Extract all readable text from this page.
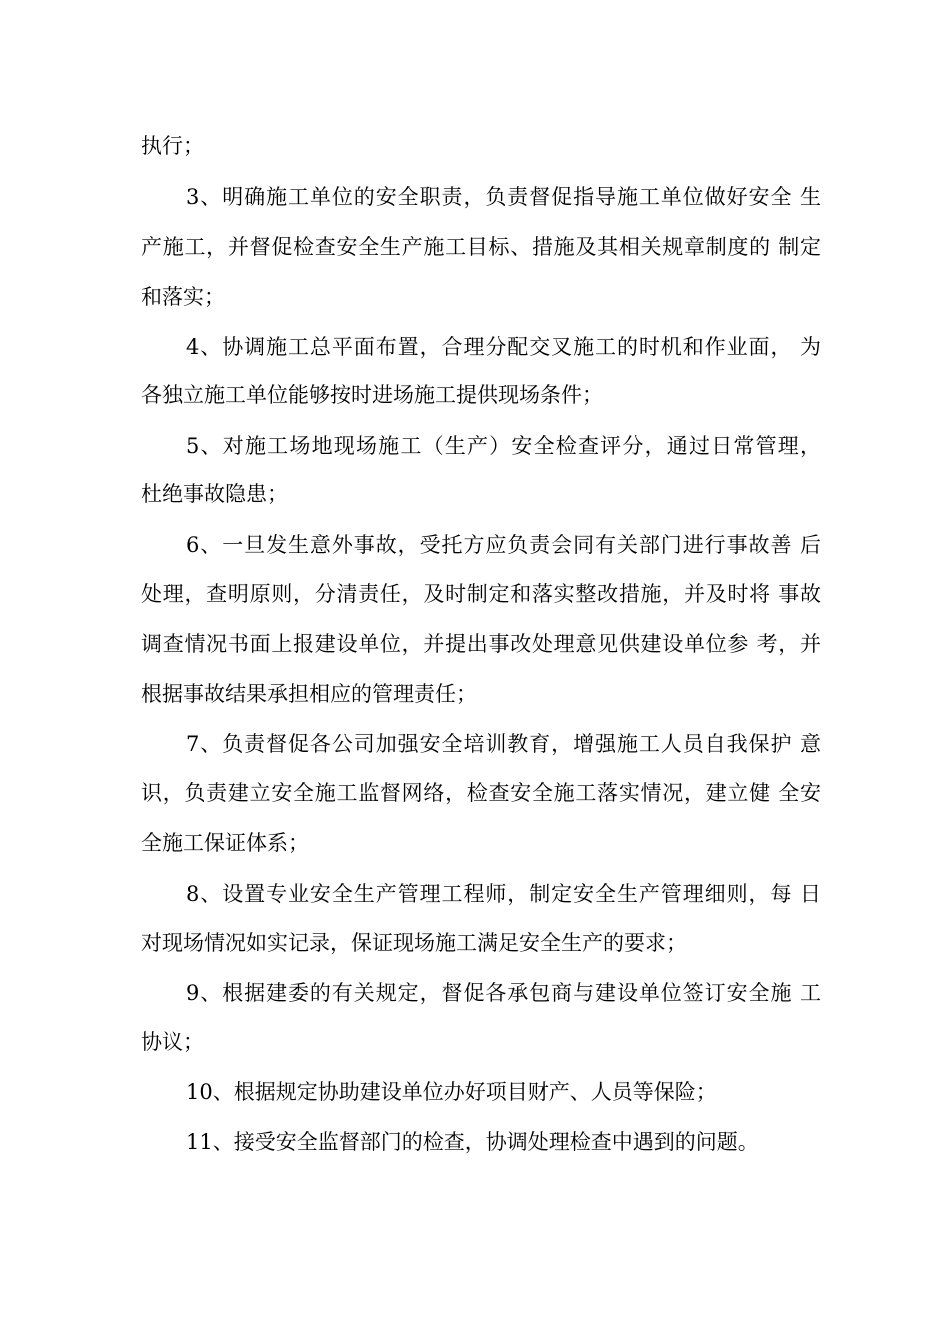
执行；
3、明确施工单位的安全职责，负责督促指导施工单位做好安全 生
产施工，并督促检查安全生产施工目标、措施及其相关规章制度的 制定
和落实；
4、协调施工总平面布置，合理分配交叉施工的时机和作业面， 为
各独立施工单位能够按时进场施工提供现场条件；
5、对施工场地现场施工（生产）安全检查评分，通过日常管理，
杜绝事故隐患；
6、一旦发生意外事故，受托方应负责会同有关部门进行事故善 后
处理，查明原则，分清责任，及时制定和落实整改措施，并及时将 事故
调查情况书面上报建设单位，并提出事改处理意见供建设单位参 考，并
根据事故结果承担相应的管理责任；
7、负责督促各公司加强安全培训教育，增强施工人员自我保护 意
识，负责建立安全施工监督网络，检查安全施工落实情况，建立健 全安
全施工保证体系；
8、设置专业安全生产管理工程师，制定安全生产管理细则，每 日
对现场情况如实记录，保证现场施工满足安全生产的要求；
9、根据建委的有关规定，督促各承包商与建设单位签订安全施 工
协议；
10、根据规定协助建设单位办好项目财产、人员等保险；
11、接受安全监督部门的检查，协调处理检查中遇到的问题。
